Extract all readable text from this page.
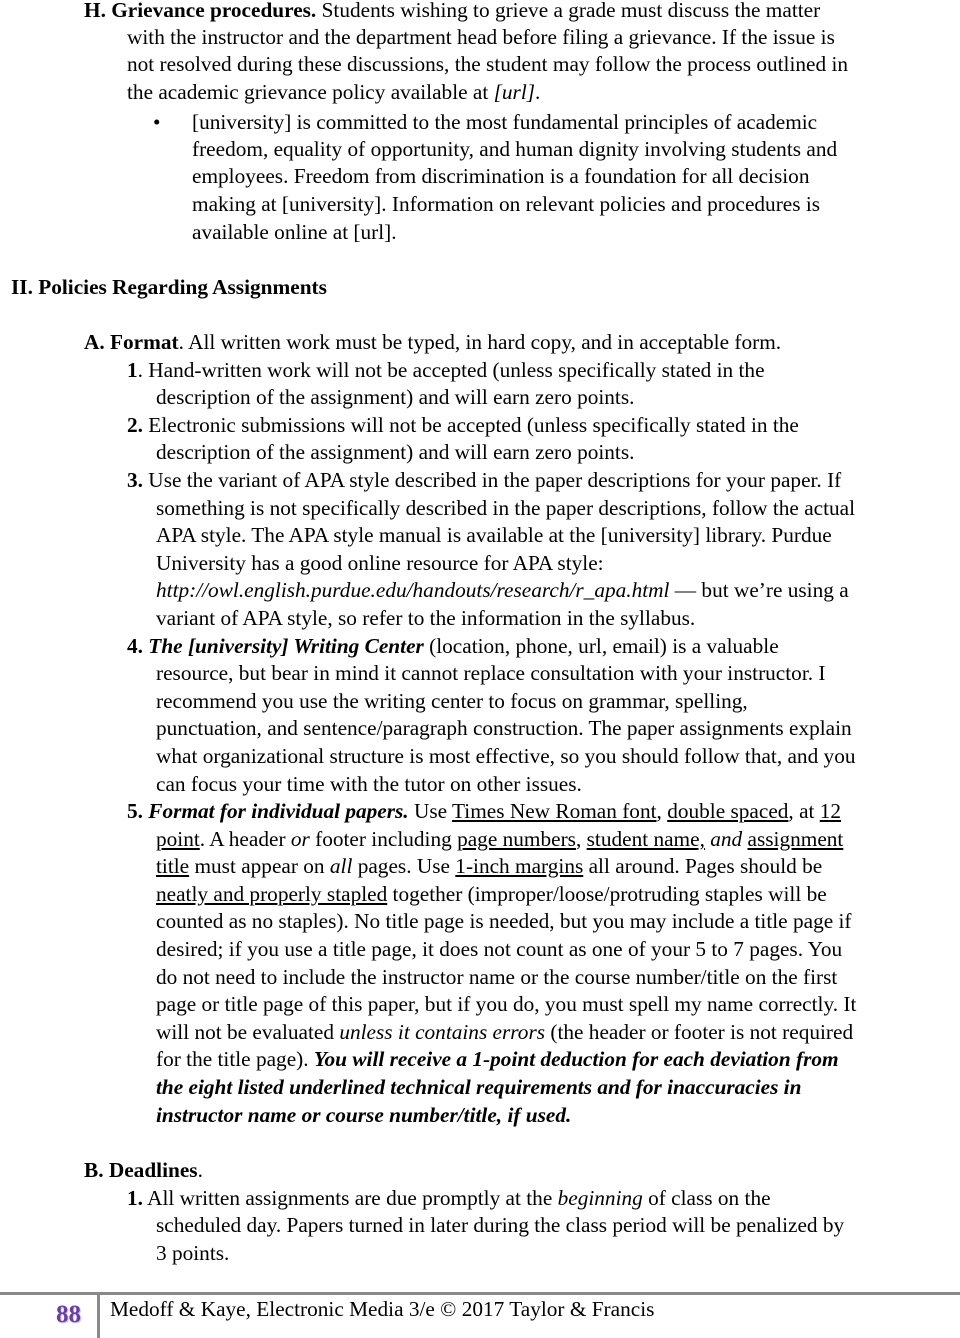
H. Grievance procedures. Students wishing to grieve a grade must discuss the matter
with the instructor and the department head before filing a grievance. If the issue is
not resolved during these discussions, the student may follow the process outlined in
the academic grievance policy available at [url].
• [university] is committed to the most fundamental principles of academic
freedom, equality of opportunity, and human dignity involving students and
employees. Freedom from discrimination is a foundation for all decision
making at [university]. Information on relevant policies and procedures is
available online at [url].
II. Policies Regarding Assignments
A. Format. All written work must be typed, in hard copy, and in acceptable form.
1. Hand-written work will not be accepted (unless specifically stated in the
description of the assignment) and will earn zero points.
2. Electronic submissions will not be accepted (unless specifically stated in the
description of the assignment) and will earn zero points.
3. Use the variant of APA style described in the paper descriptions for your paper. If
something is not specifically described in the paper descriptions, follow the actual
APA style. The APA style manual is available at the [university] library. Purdue
University has a good online resource for APA style:
http://owl.english.purdue.edu/handouts/research/r_apa.html — but we’re using a
variant of APA style, so refer to the information in the syllabus.
4. The [university] Writing Center (location, phone, url, email) is a valuable
resource, but bear in mind it cannot replace consultation with your instructor. I
recommend you use the writing center to focus on grammar, spelling,
punctuation, and sentence/paragraph construction. The paper assignments explain
what organizational structure is most effective, so you should follow that, and you
can focus your time with the tutor on other issues.
5. Format for individual papers. Use Times New Roman font, double spaced, at 12
point. A header or footer including page numbers, student name, and assignment
title must appear on all pages. Use 1-inch margins all around. Pages should be
neatly and properly stapled together (improper/loose/protruding staples will be
counted as no staples). No title page is needed, but you may include a title page if
desired; if you use a title page, it does not count as one of your 5 to 7 pages. You
do not need to include the instructor name or the course number/title on the first
page or title page of this paper, but if you do, you must spell my name correctly. It
will not be evaluated unless it contains errors (the header or footer is not required
for the title page). You will receive a 1-point deduction for each deviation from
the eight listed underlined technical requirements and for inaccuracies in
instructor name or course number/title, if used.
B. Deadlines.
1. All written assignments are due promptly at the beginning of class on the
scheduled day. Papers turned in later during the class period will be penalized by
3 points.
88 Medoff & Kaye, Electronic Media 3/e © 2017 Taylor & Francis
